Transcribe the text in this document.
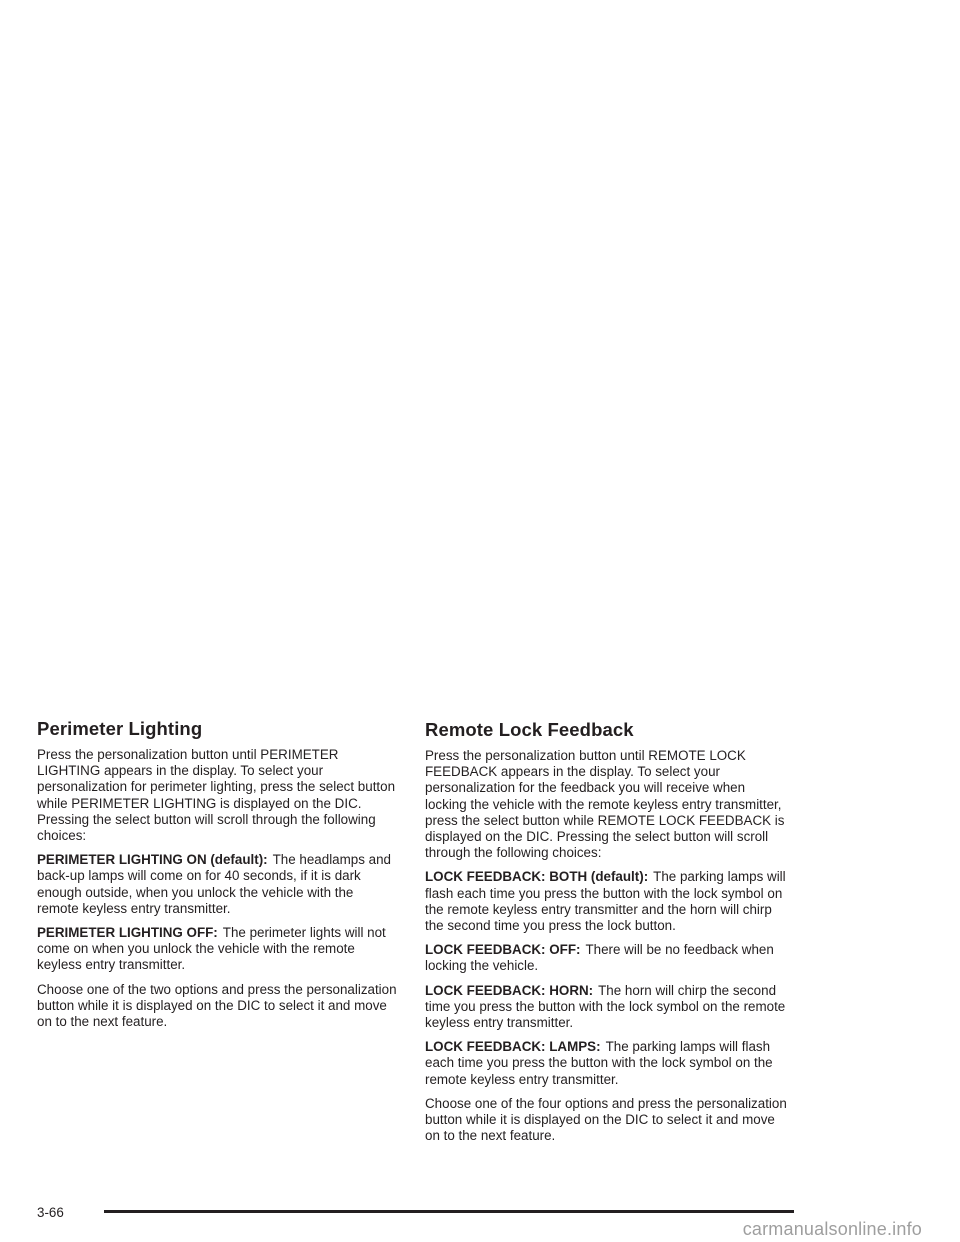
Perimeter Lighting

Press the personalization button until PERIMETER LIGHTING appears in the display. To select your personalization for perimeter lighting, press the select button while PERIMETER LIGHTING is displayed on the DIC. Pressing the select button will scroll through the following choices:

PERIMETER LIGHTING ON (default): The headlamps and back-up lamps will come on for 40 seconds, if it is dark enough outside, when you unlock the vehicle with the remote keyless entry transmitter.

PERIMETER LIGHTING OFF: The perimeter lights will not come on when you unlock the vehicle with the remote keyless entry transmitter.

Choose one of the two options and press the personalization button while it is displayed on the DIC to select it and move on to the next feature.

Remote Lock Feedback

Press the personalization button until REMOTE LOCK FEEDBACK appears in the display. To select your personalization for the feedback you will receive when locking the vehicle with the remote keyless entry transmitter, press the select button while REMOTE LOCK FEEDBACK is displayed on the DIC. Pressing the select button will scroll through the following choices:

LOCK FEEDBACK: BOTH (default): The parking lamps will flash each time you press the button with the lock symbol on the remote keyless entry transmitter and the horn will chirp the second time you press the lock button.

LOCK FEEDBACK: OFF: There will be no feedback when locking the vehicle.

LOCK FEEDBACK: HORN: The horn will chirp the second time you press the button with the lock symbol on the remote keyless entry transmitter.

LOCK FEEDBACK: LAMPS: The parking lamps will flash each time you press the button with the lock symbol on the remote keyless entry transmitter.

Choose one of the four options and press the personalization button while it is displayed on the DIC to select it and move on to the next feature.

3-66
carmanualsonline.info
